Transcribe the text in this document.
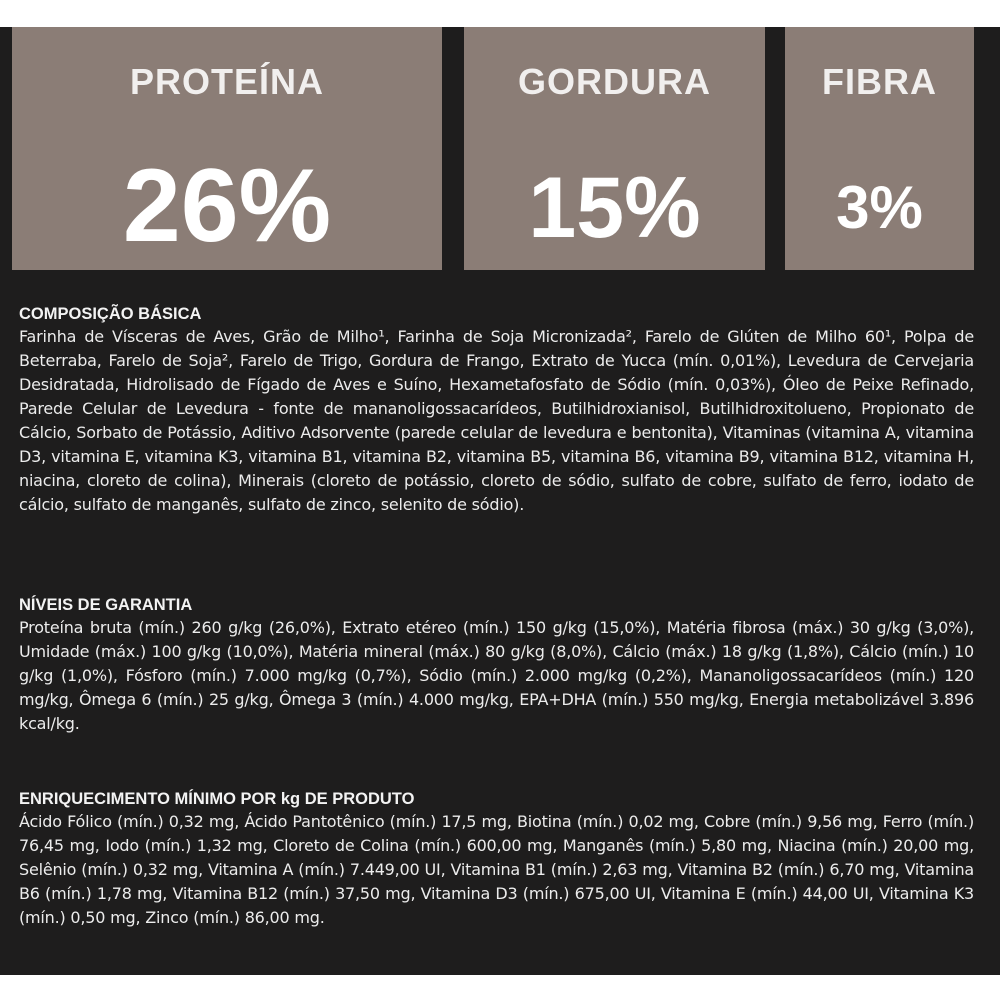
PROTEÍNA
26%
GORDURA
15%
FIBRA
3%

COMPOSIÇÃO BÁSICA

Farinha de Vísceras de Aves, Grão de Milho¹, Farinha de Soja Micronizada², Farelo de Glúten de Milho 60¹, Polpa de Beterraba, Farelo de Soja², Farelo de Trigo, Gordura de Frango, Extrato de Yucca (mín. 0,01%), Levedura de Cervejaria Desidratada, Hidrolisado de Fígado de Aves e Suíno, Hexametafosfato de Sódio (mín. 0,03%), Óleo de Peixe Refinado, Parede Celular de Levedura - fonte de mananoligossacarídeos, Butilhidroxianisol, Butilhidroxitolueno, Propionato de Cálcio, Sorbato de Potássio, Aditivo Adsorvente (parede celular de levedura e bentonita), Vitaminas (vitamina A, vitamina D3, vitamina E, vitamina K3, vitamina B1, vitamina B2, vitamina B5, vitamina B6, vitamina B9, vitamina B12, vitamina H, niacina, cloreto de colina), Minerais (cloreto de potássio, cloreto de sódio, sulfato de cobre, sulfato de ferro, iodato de cálcio, sulfato de manganês, sulfato de zinco, selenito de sódio).

NÍVEIS DE GARANTIA

Proteína bruta (mín.) 260 g/kg (26,0%), Extrato etéreo (mín.) 150 g/kg (15,0%), Matéria fibrosa (máx.) 30 g/kg (3,0%), Umidade (máx.) 100 g/kg (10,0%), Matéria mineral (máx.) 80 g/kg (8,0%), Cálcio (máx.) 18 g/kg (1,8%), Cálcio (mín.) 10 g/kg (1,0%), Fósforo (mín.) 7.000 mg/kg (0,7%), Sódio (mín.) 2.000 mg/kg (0,2%), Mananoligossacarídeos (mín.) 120 mg/kg, Ômega 6 (mín.) 25 g/kg, Ômega 3 (mín.) 4.000 mg/kg, EPA+DHA (mín.) 550 mg/kg, Energia metabolizável 3.896 kcal/kg.

ENRIQUECIMENTO MÍNIMO POR kg DE PRODUTO

Ácido Fólico (mín.) 0,32 mg, Ácido Pantotênico (mín.) 17,5 mg, Biotina (mín.) 0,02 mg, Cobre (mín.) 9,56 mg, Ferro (mín.) 76,45 mg, Iodo (mín.) 1,32 mg, Cloreto de Colina (mín.) 600,00 mg, Manganês (mín.) 5,80 mg, Niacina (mín.) 20,00 mg, Selênio (mín.) 0,32 mg, Vitamina A (mín.) 7.449,00 UI, Vitamina B1 (mín.) 2,63 mg, Vitamina B2 (mín.) 6,70 mg, Vitamina B6 (mín.) 1,78 mg, Vitamina B12 (mín.) 37,50 mg, Vitamina D3 (mín.) 675,00 UI, Vitamina E (mín.) 44,00 UI, Vitamina K3 (mín.) 0,50 mg, Zinco (mín.) 86,00 mg.
